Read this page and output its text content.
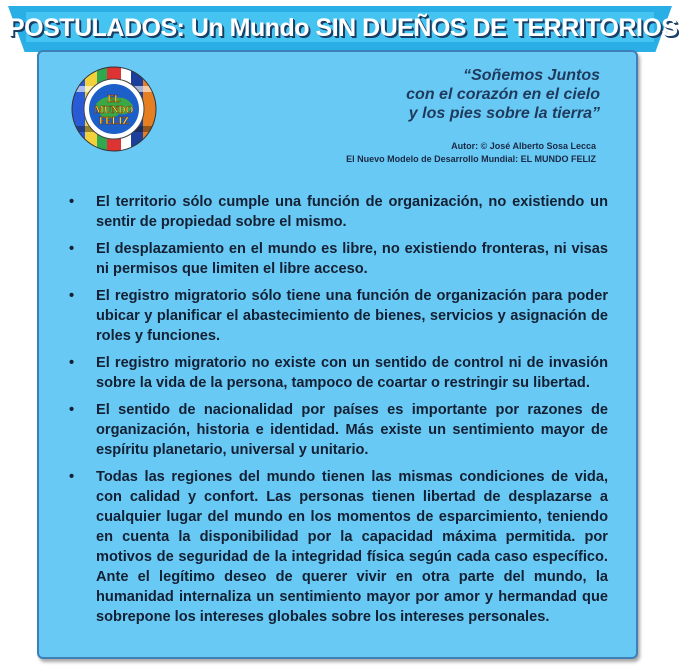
POSTULADOS: Un Mundo SIN DUEÑOS DE TERRITORIOS
EL
MUNDO
FELIZ
“Soñemos Juntos
con el corazón en el cielo
y los pies sobre la tierra”
Autor: © José Alberto Sosa Lecca
El Nuevo Modelo de Desarrollo Mundial: EL MUNDO FELIZ
• El territorio sólo cumple una función de organización, no existiendo un sentir de propiedad sobre el mismo.
• El desplazamiento en el mundo es libre, no existiendo fronteras, ni visas ni permisos que limiten el libre acceso.
• El registro migratorio sólo tiene una función de organización para poder ubicar y planificar el abastecimiento de bienes, servicios y asignación de roles y funciones.
• El registro migratorio no existe con un sentido de control ni de invasión sobre la vida de la persona, tampoco de coartar o restringir su libertad.
• El sentido de nacionalidad por países es importante por razones de organización, historia e identidad. Más existe un sentimiento mayor de espíritu planetario, universal y unitario.
• Todas las regiones del mundo tienen las mismas condiciones de vida, con calidad y confort. Las personas tienen libertad de desplazarse a cualquier lugar del mundo en los momentos de esparcimiento, teniendo en cuenta la disponibilidad por la capacidad máxima permitida. por motivos de seguridad de la integridad física según cada caso específico. Ante el legítimo deseo de querer vivir en otra parte del mundo, la humanidad internaliza un sentimiento mayor por amor y hermandad que sobrepone los intereses globales sobre los intereses personales.
